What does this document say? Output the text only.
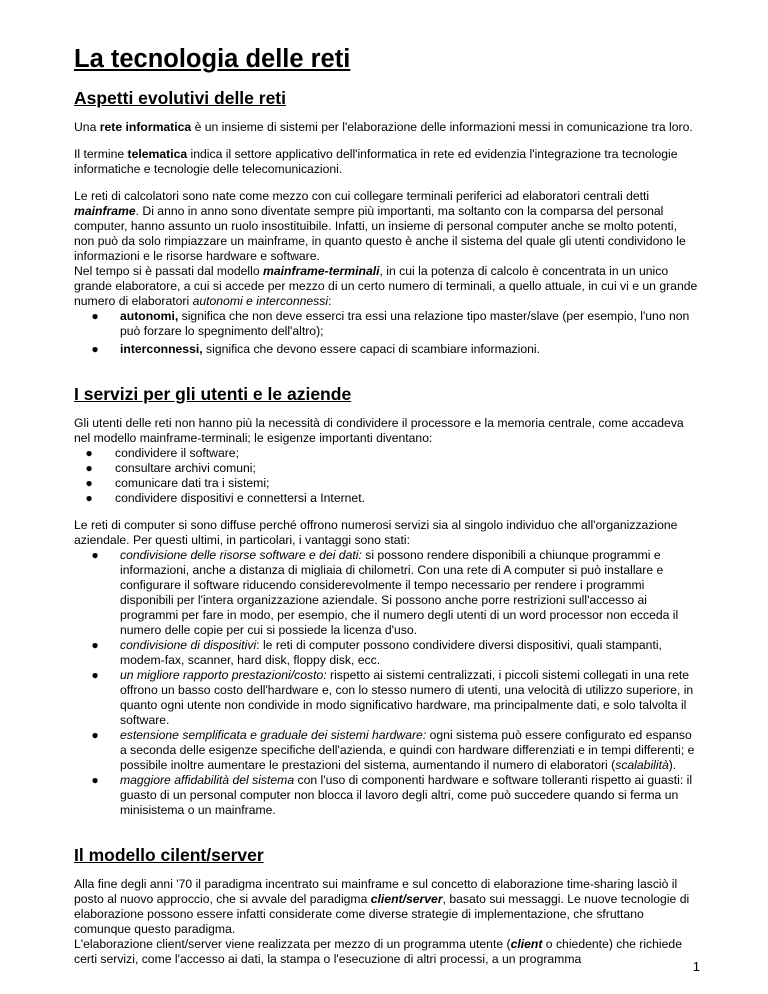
La tecnologia delle reti
Aspetti evolutivi delle reti

Una rete informatica è un insieme di sistemi per l'elaborazione delle informazioni messi in comunicazione tra loro.

Il termine telematica indica il settore applicativo dell'informatica in rete ed evidenzia l'integrazione tra tecnologie informatiche e tecnologie delle telecomunicazioni.

Le reti di calcolatori sono nate come mezzo con cui collegare terminali periferici ad elaboratori centrali detti mainframe. Di anno in anno sono diventate sempre più importanti, ma soltanto con la comparsa del personal computer, hanno assunto un ruolo insostituibile. Infatti, un insieme di personal computer anche se molto potenti, non può da solo rimpiazzare un mainframe, in quanto questo è anche il sistema del quale gli utenti condividono le informazioni e le risorse hardware e software.

Nel tempo si è passati dal modello mainframe-terminali, in cui la potenza di calcolo è concentrata in un unico grande elaboratore, a cui si accede per mezzo di un certo numero di terminali, a quello attuale, in cui vi e un grande numero di elaboratori autonomi e interconnessi:

● autonomi, significa che non deve esserci tra essi una relazione tipo master/slave (per esempio, l'uno non può forzare lo spegnimento dell'altro);
● interconnessi, significa che devono essere capaci di scambiare informazioni.
I servizi per gli utenti e le aziende

Gli utenti delle reti non hanno più la necessità di condividere il processore e la memoria centrale, come accadeva nel modello mainframe-terminali; le esigenze importanti diventano:

● condividere il software;
● consultare archivi comuni;
● comunicare dati tra i sistemi;
● condividere dispositivi e connettersi a Internet.

Le reti di computer si sono diffuse perché offrono numerosi servizi sia al singolo individuo che all'organizzazione aziendale. Per questi ultimi, in particolari, i vantaggi sono stati:

● condivisione delle risorse software e dei dati: si possono rendere disponibili a chiunque programmi e informazioni, anche a distanza di migliaia di chilometri. Con una rete di A computer si può installare e configurare il software riducendo considerevolmente il tempo necessario per rendere i programmi disponibili per l'intera organizzazione aziendale. Si possono anche porre restrizioni sull'accesso ai programmi per fare in modo, per esempio, che il numero degli utenti di un word processor non ecceda il numero delle copie per cui si possiede la licenza d'uso.
● condivisione di dispositivi: le reti di computer possono condividere diversi dispositivi, quali stampanti, modem-fax, scanner, hard disk, floppy disk, ecc.
● un migliore rapporto prestazioni/costo: rispetto ai sistemi centralizzati, i piccoli sistemi collegati in una rete offrono un basso costo dell'hardware e, con lo stesso numero di utenti, una velocità di utilizzo superiore, in quanto ogni utente non condivide in modo significativo hardware, ma principalmente dati, e solo talvolta il software.
● estensione semplificata e graduale dei sistemi hardware: ogni sistema può essere configurato ed espanso a seconda delle esigenze specifiche dell'azienda, e quindi con hardware differenziati e in tempi differenti; e possibile inoltre aumentare le prestazioni del sistema, aumentando il numero di elaboratori (scalabilità).
● maggiore affidabilità del sistema con l'uso di componenti hardware e software tolleranti rispetto ai guasti: il guasto di un personal computer non blocca il lavoro degli altri, come può succedere quando si ferma un minisistema o un mainframe.
Il modello cilent/server

Alla fine degli anni '70 il paradigma incentrato sui mainframe e sul concetto di elaborazione time-sharing lasciò il posto al nuovo approccio, che si avvale del paradigma client/server, basato sui messaggi. Le nuove tecnologie di elaborazione possono essere infatti considerate come diverse strategie di implementazione, che sfruttano comunque questo paradigma.

L'elaborazione client/server viene realizzata per mezzo di un programma utente (client o chiedente) che richiede certi servizi, come l'accesso ai dati, la stampa o l'esecuzione di altri processi, a un programma	1
